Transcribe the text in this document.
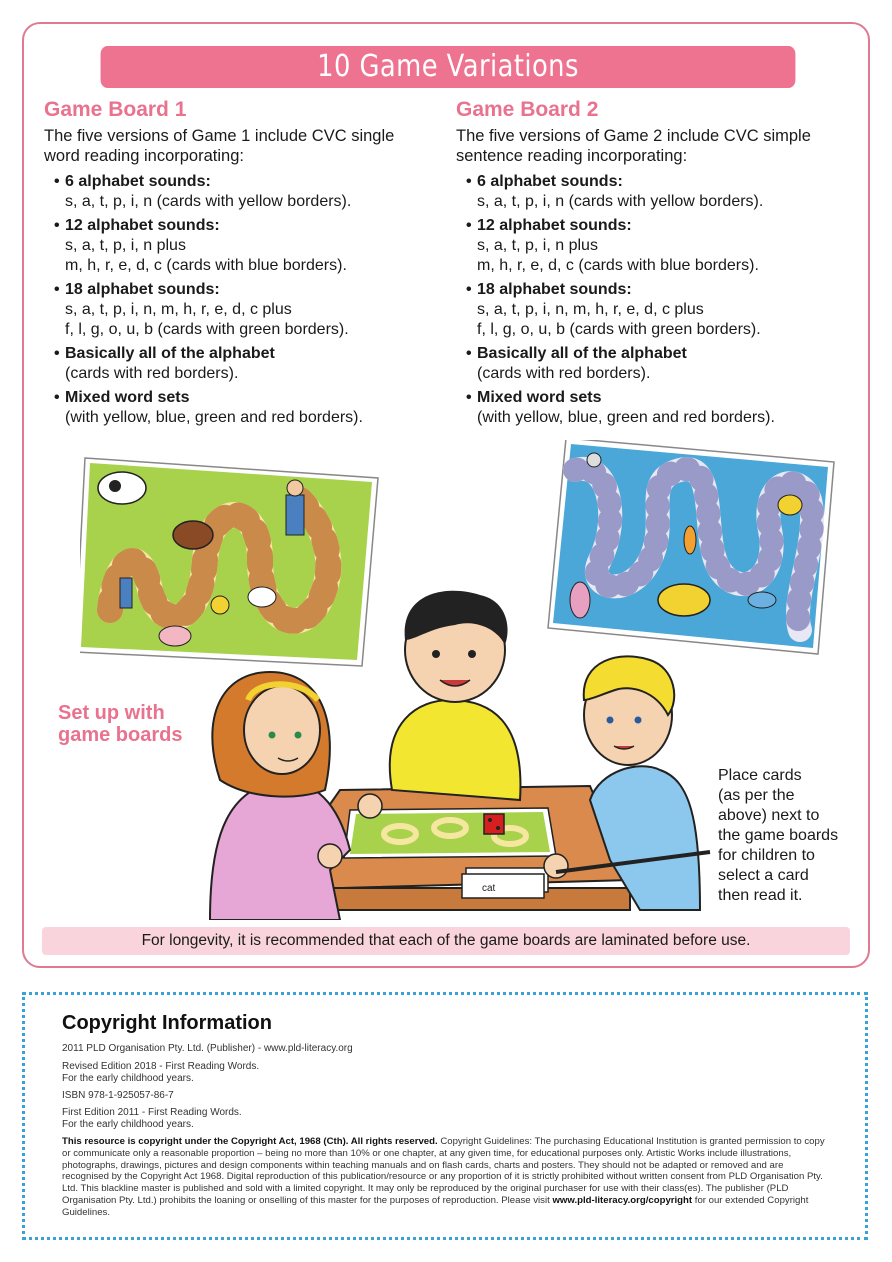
10 Game Variations
Game Board 1

The five versions of Game 1 include CVC single word reading incorporating:

• 6 alphabet sounds:
s, a, t, p, i, n (cards with yellow borders).
• 12 alphabet sounds:
s, a, t, p, i, n plus
m, h, r, e, d, c (cards with blue borders).
• 18 alphabet sounds:
s, a, t, p, i, n, m, h, r, e, d, c plus
f, l, g, o, u, b (cards with green borders).
• Basically all of the alphabet
(cards with red borders).
• Mixed word sets
(with yellow, blue, green and red borders).
Game Board 2

The five versions of Game 2 include CVC simple sentence reading incorporating:

• 6 alphabet sounds:
s, a, t, p, i, n (cards with yellow borders).
• 12 alphabet sounds:
s, a, t, p, i, n plus
m, h, r, e, d, c (cards with blue borders).
• 18 alphabet sounds:
s, a, t, p, i, n, m, h, r, e, d, c plus
f, l, g, o, u, b (cards with green borders).
• Basically all of the alphabet
(cards with red borders).
• Mixed word sets
(with yellow, blue, green and red borders).
cat
Set up with
game boards
Place cards
(as per the
above) next to
the game boards
for children to
select a card
then read it.
For longevity, it is recommended that each of the game boards are laminated before use.
Copyright Information
2011 PLD Organisation Pty. Ltd. (Publisher) - www.pld-literacy.org
Revised Edition 2018 - First Reading Words.
For the early childhood years.
ISBN 978-1-925057-86-7
First Edition 2011 - First Reading Words.
For the early childhood years.
This resource is copyright under the Copyright Act, 1968 (Cth). All rights reserved. Copyright Guidelines: The purchasing Educational Institution is granted permission to copy or communicate only a reasonable proportion – being no more than 10% or one chapter, at any given time, for educational purposes only. Artistic Works include illustrations, photographs, drawings, pictures and design components within teaching manuals and on flash cards, charts and posters. They should not be adapted or removed and are recognised by the Copyright Act 1968. Digital reproduction of this publication/resource or any proportion of it is strictly prohibited without written consent from PLD Organisation Pty. Ltd. This blackline master is published and sold with a limited copyright. It may only be reproduced by the original purchaser for use with their class(es). The publisher (PLD Organisation Pty. Ltd.) prohibits the loaning or onselling of this master for the purposes of reproduction. Please visit www.pld-literacy.org/copyright for our extended Copyright Guidelines.
